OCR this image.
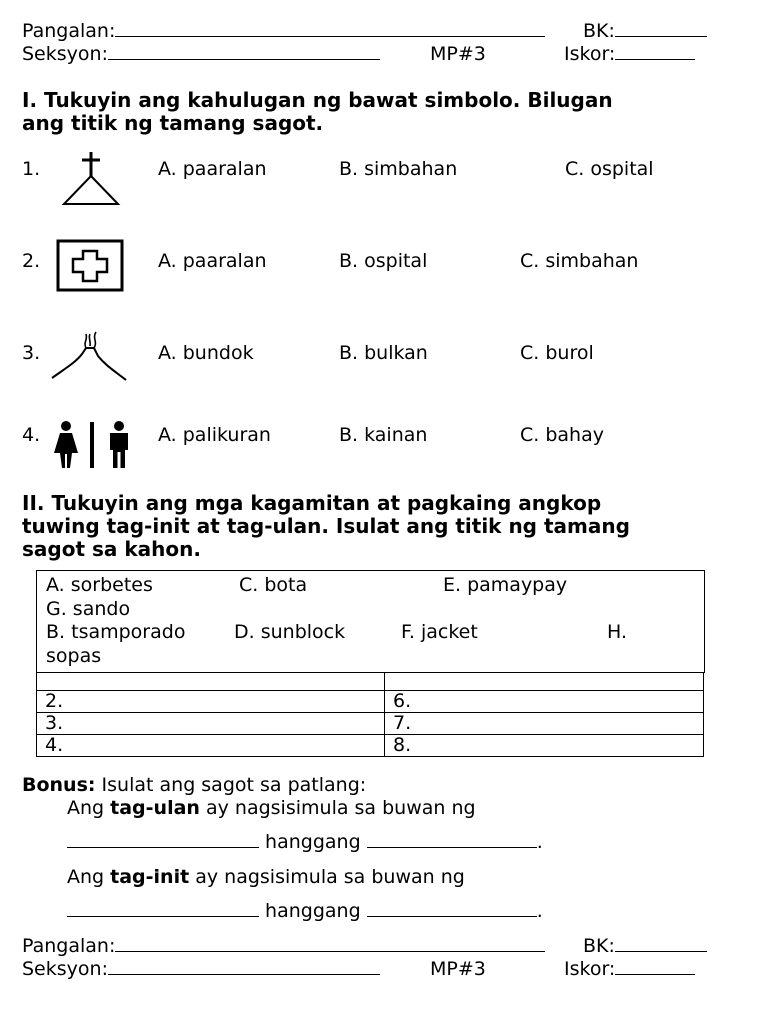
Pangalan:	BK:
Seksyon:	MP#3	Iskor:
I. Tukuyin ang kahulugan ng bawat simbolo. Bilugan
ang titik ng tamang sagot.
1.	A. paaralan	B. simbahan	C. ospital
2.	A. paaralan	B. ospital	C. simbahan
3.	A. bundok	B. bulkan	C. burol
4.	A. palikuran	B. kainan	C. bahay
II. Tukuyin ang mga kagamitan at pagkaing angkop
tuwing tag-init at tag-ulan. Isulat ang titik ng tamang
sagot sa kahon.

2.	6.
3.	7.
4.	8.
A. sorbetes	C. bota	E. pamaypay
G. sando
B. tsamporado	D. sunblock	F. jacket	H.
sopas
Bonus: Isulat ang sagot sa patlang:
Ang tag-ulan ay nagsisimula sa buwan ng
hanggang	.
Ang tag-init ay nagsisimula sa buwan ng
hanggang	.
Pangalan:	BK:
Seksyon:	MP#3	Iskor:
